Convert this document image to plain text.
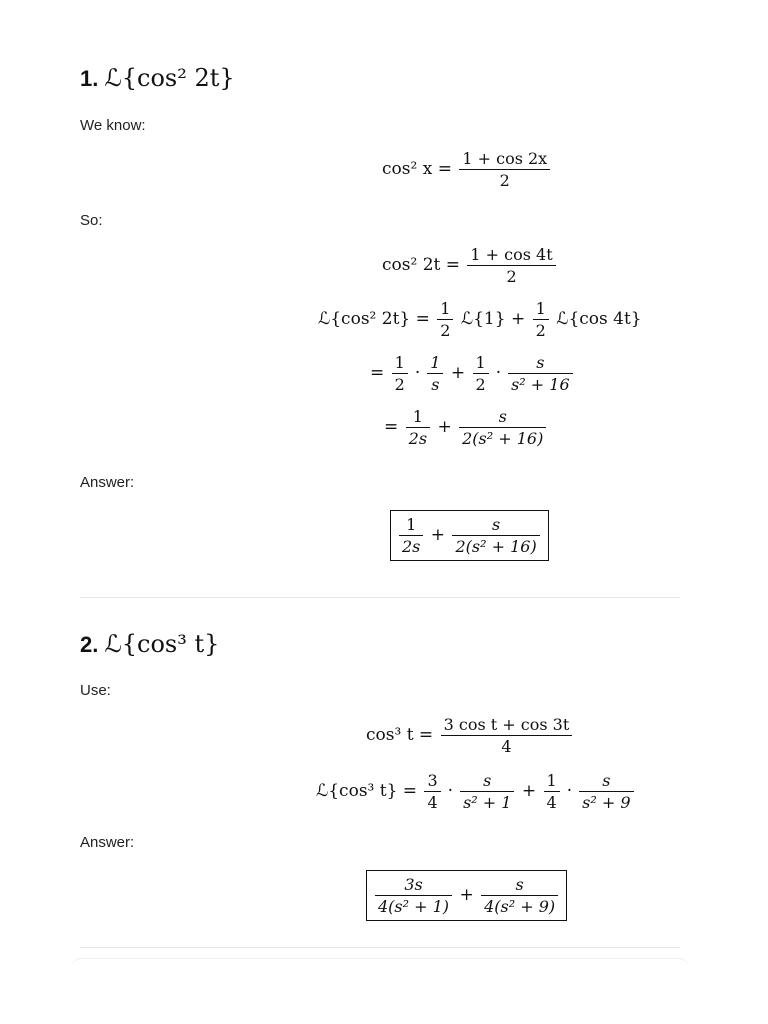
1. ℒ{cos² 2t}
We know:
cos² $x = \frac{1 + \cos 2x}{2}$
So:
cos² $2t = \frac{1 + \cos 4t}{2}$
ℒ{cos² $2t\} = \frac{1}{2}$ ℒ{1} + $\frac{1}{2}$ ℒ{cos 4t}
= $\frac{1}{2} \cdot \frac{1}{s} + \frac{1}{2} \cdot \frac{s}{\text{s² + 16}}$
= $\frac{1}{2s} + \frac{s}{\text{2(s² + 16)}}$
Answer:
$\frac{1}{2s} + \frac{s}{\text{2(s² + 16)}}$
2. ℒ{cos³ t}
Use:
cos³ $t = \frac{\text{3 cos t + cos 3t}}{4}$
ℒ{cos³ $t\} = \frac{3}{4} \cdot \frac{s}{\text{s² + 1}} + \frac{1}{4} \cdot \frac{s}{\text{s² + 9}}$
Answer:
$\frac{3s}{\text{4(s² + 1)}} + \frac{s}{\text{4(s² + 9)}}$
